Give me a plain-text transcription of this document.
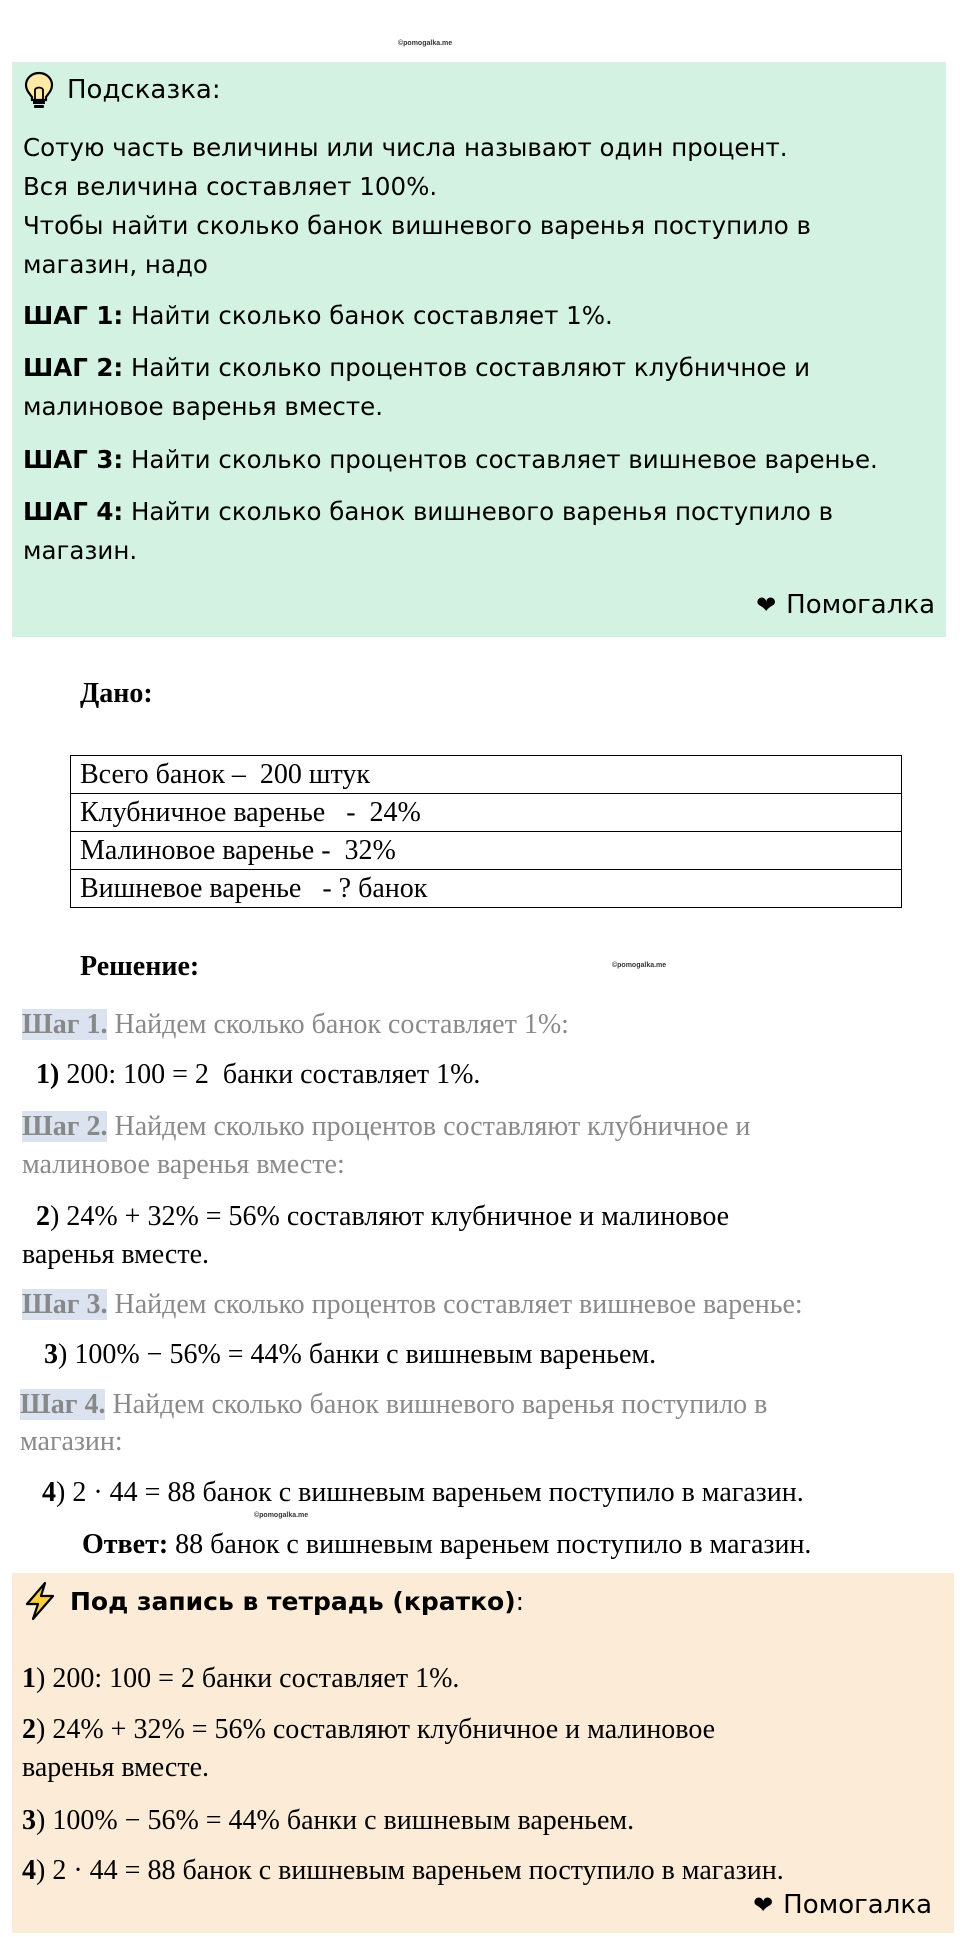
©pomogalka.me
©pomogalka.me
©pomogalka.me
Подсказка:

Сотую часть величины или числа называют один процент.

Вся величина составляет 100%.

Чтобы найти сколько банок вишневого варенья поступило в

магазин, надо

ШАГ 1: Найти сколько банок составляет 1%.

ШАГ 2: Найти сколько процентов составляют клубничное и

малиновое варенья вместе.

ШАГ 3: Найти сколько процентов составляет вишневое варенье.

ШАГ 4: Найти сколько банок вишневого варенья поступило в

магазин.

❤ Помогалка
Дано:
Всего банок –  200 штук
Клубничное варенье   -  24%
Малиновое варенье -  32%
Вишневое варенье   - ? банок
Решение:
Шаг 1. Найдем сколько банок составляет 1%:
1) 200: 100 = 2  банки составляет 1%.
Шаг 2. Найдем сколько процентов составляют клубничное и
малиновое варенья вместе:
2) 24% + 32% = 56% составляют клубничное и малиновое
варенья вместе.
Шаг 3. Найдем сколько процентов составляет вишневое варенье:
3) 100% − 56% = 44% банки с вишневым вареньем.
Шаг 4. Найдем сколько банок вишневого варенья поступило в
магазин:
4) 2 · 44 = 88 банок с вишневым вареньем поступило в магазин.
Ответ: 88 банок с вишневым вареньем поступило в магазин.
Под запись в тетрадь (кратко) :
1) 200: 100 = 2 банки составляет 1%.
2) 24% + 32% = 56% составляют клубничное и малиновое
варенья вместе.
3) 100% − 56% = 44% банки с вишневым вареньем.
4) 2 · 44 = 88 банок с вишневым вареньем поступило в магазин.
❤ Помогалка
